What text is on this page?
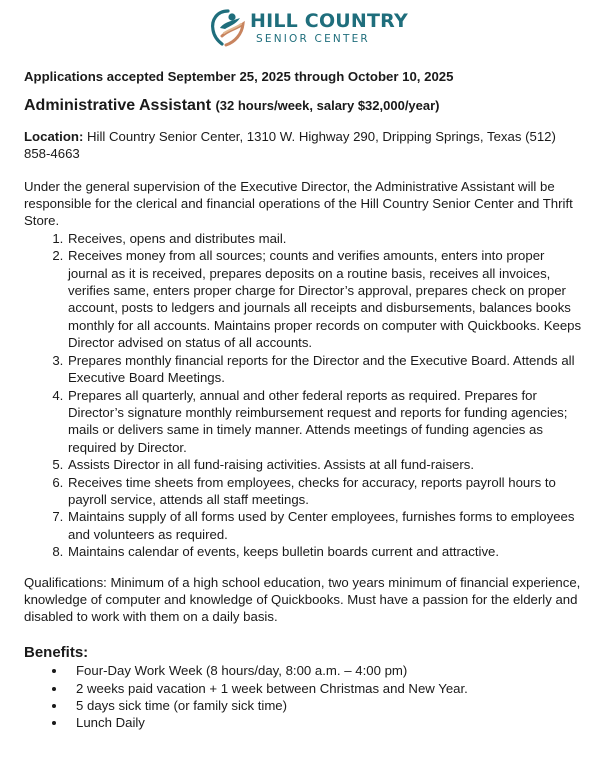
HILL COUNTRY
SENIOR CENTER

Applications accepted September 25, 2025 through October 10, 2025

Administrative Assistant (32 hours/week, salary $32,000/year)

Location: Hill Country Senior Center, 1310 W. Highway 290, Dripping Springs, Texas (512) 858-4663

Under the general supervision of the Executive Director, the Administrative Assistant will be responsible for the clerical and financial operations of the Hill Country Senior Center and Thrift Store.

1. Receives, opens and distributes mail.
2. Receives money from all sources; counts and verifies amounts, enters into proper journal as it is received, prepares deposits on a routine basis, receives all invoices, verifies same, enters proper charge for Director’s approval, prepares check on proper account, posts to ledgers and journals all receipts and disbursements, balances books monthly for all accounts. Maintains proper records on computer with Quickbooks. Keeps Director advised on status of all accounts.
3. Prepares monthly financial reports for the Director and the Executive Board. Attends all Executive Board Meetings.
4. Prepares all quarterly, annual and other federal reports as required. Prepares for Director’s signature monthly reimbursement request and reports for funding agencies; mails or delivers same in timely manner. Attends meetings of funding agencies as required by Director.
5. Assists Director in all fund-raising activities. Assists at all fund-raisers.
6. Receives time sheets from employees, checks for accuracy, reports payroll hours to payroll service, attends all staff meetings.
7. Maintains supply of all forms used by Center employees, furnishes forms to employees and volunteers as required.
8. Maintains calendar of events, keeps bulletin boards current and attractive.

Qualifications: Minimum of a high school education, two years minimum of financial experience, knowledge of computer and knowledge of Quickbooks. Must have a passion for the elderly and disabled to work with them on a daily basis.

Benefits:

• Four-Day Work Week (8 hours/day, 8:00 a.m. – 4:00 pm)
• 2 weeks paid vacation + 1 week between Christmas and New Year.
• 5 days sick time (or family sick time)
• Lunch Daily
